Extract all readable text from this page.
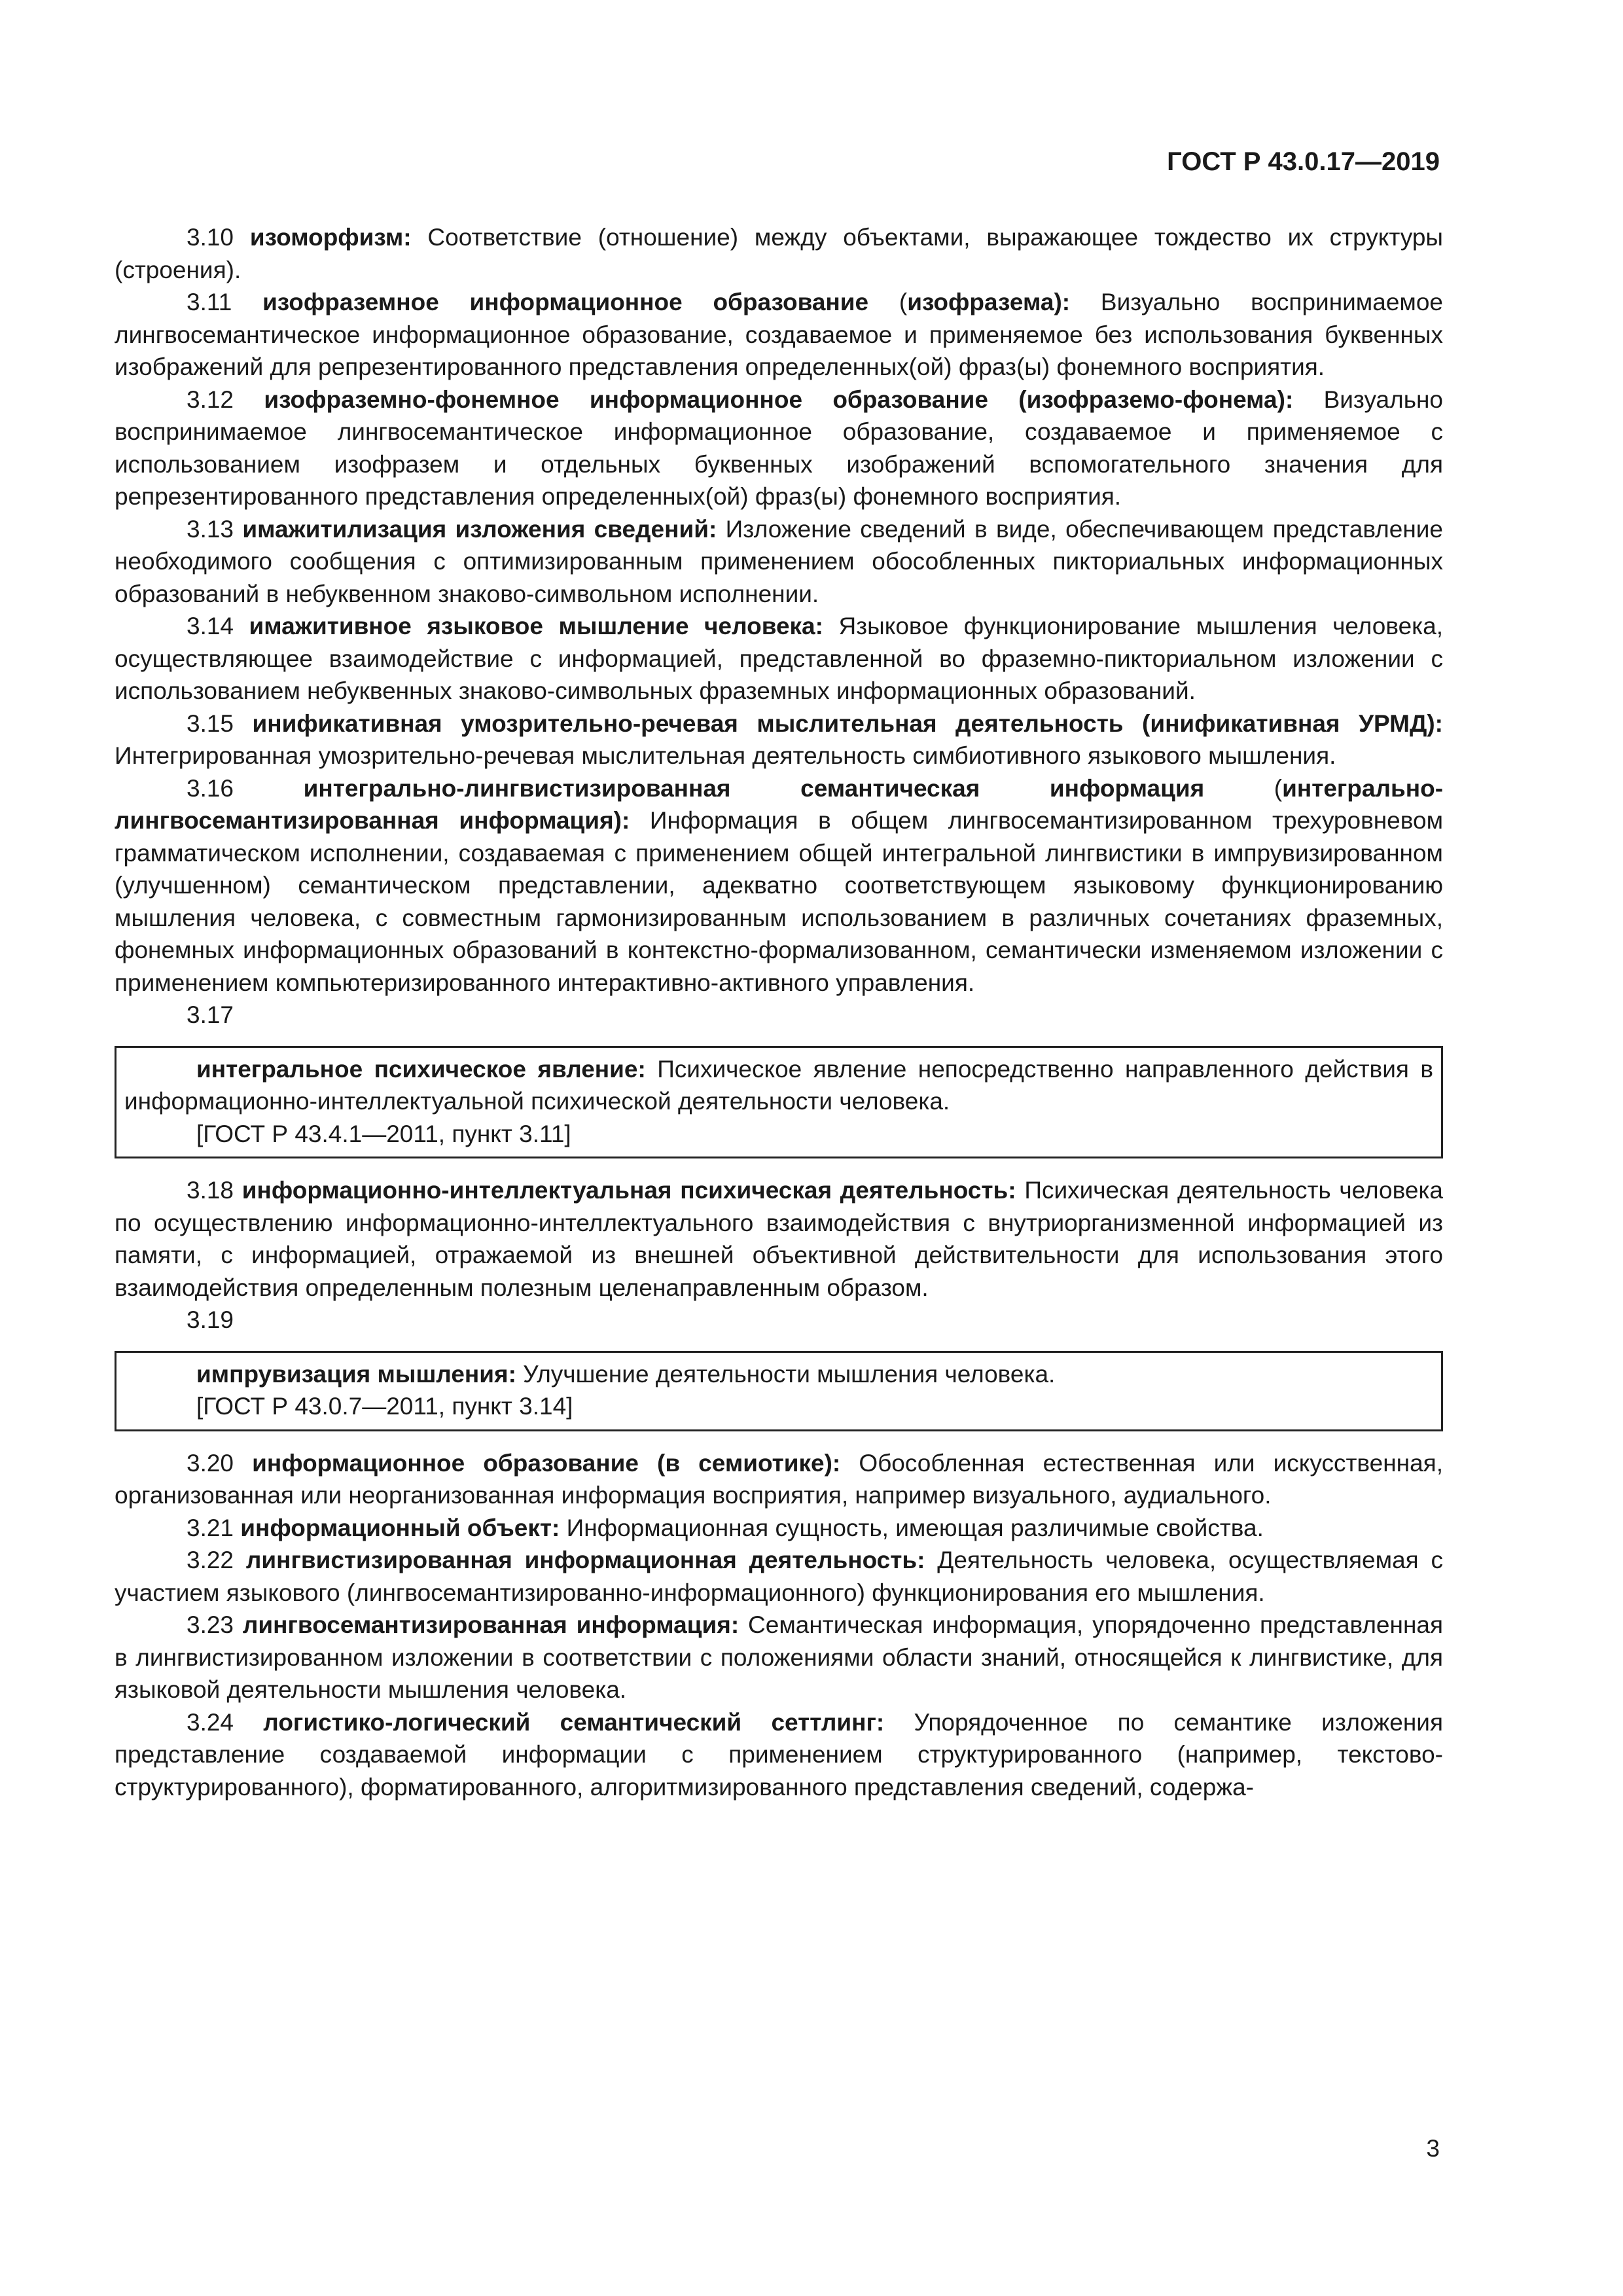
ГОСТ Р 43.0.17—2019

3.10 изоморфизм: Соответствие (отношение) между объектами, выражающее тождество их структуры (строения).

3.11 изофраземное информационное образование (изофразема): Визуально воспринимаемое лингвосемантическое информационное образование, создаваемое и применяемое без использования буквенных изображений для репрезентированного представления определенных(ой) фраз(ы) фонемного восприятия.

3.12 изофраземно-фонемное информационное образование (изофраземо-фонема): Визуально воспринимаемое лингвосемантическое информационное образование, создаваемое и применяемое с использованием изофразем и отдельных буквенных изображений вспомогательного значения для репрезентированного представления определенных(ой) фраз(ы) фонемного восприятия.

3.13 имажитилизация изложения сведений: Изложение сведений в виде, обеспечивающем представление необходимого сообщения с оптимизированным применением обособленных пикториальных информационных образований в небуквенном знаково-символьном исполнении.

3.14 имажитивное языковое мышление человека: Языковое функционирование мышления человека, осуществляющее взаимодействие с информацией, представленной во фраземно-пикториальном изложении с использованием небуквенных знаково-символьных фраземных информационных образований.

3.15 инификативная умозрительно-речевая мыслительная деятельность (инификативная УРМД): Интегрированная умозрительно-речевая мыслительная деятельность симбиотивного языкового мышления.

3.16	интегрально-лингвистизированная семантическая информация (интегрально-лингвосемантизированная информация): Информация в общем лингвосемантизированном трехуровневом грамматическом исполнении, создаваемая с применением общей интегральной лингвистики в импрувизированном (улучшенном) семантическом представлении, адекватно соответствующем языковому функционированию мышления человека, с совместным гармонизированным использованием в различных сочетаниях фраземных, фонемных информационных образований в контекстно-формализованном, семантически изменяемом изложении с применением компьютеризированного интерактивно-активного управления.

3.17

интегральное психическое явление: Психическое явление непосредственно направленного действия в информационно-интеллектуальной психической деятельности человека.

[ГОСТ Р 43.4.1—2011, пункт 3.11]

3.18 информационно-интеллектуальная психическая деятельность: Психическая деятельность человека по осуществлению информационно-интеллектуального взаимодействия с внутриорганизменной информацией из памяти, с информацией, отражаемой из внешней объективной действительности для использования этого взаимодействия определенным полезным целенаправленным образом.

3.19

импрувизация мышления: Улучшение деятельности мышления человека.

[ГОСТ Р 43.0.7—2011, пункт 3.14]

3.20 информационное образование (в семиотике): Обособленная естественная или искусственная, организованная или неорганизованная информация восприятия, например визуального, аудиального.

3.21 информационный объект: Информационная сущность, имеющая различимые свойства.

3.22 лингвистизированная информационная деятельность: Деятельность человека, осуществляемая с участием языкового (лингвосемантизированно-информационного) функционирования его мышления.

3.23 лингвосемантизированная информация: Семантическая информация, упорядоченно представленная в лингвистизированном изложении в соответствии с положениями области знаний, относящейся к лингвистике, для языковой деятельности мышления человека.

3.24 логистико-логический семантический сеттлинг: Упорядоченное по семантике изложения представление создаваемой информации с применением структурированного (например, текстово-структурированного), форматированного, алгоритмизированного представления сведений, содержа-

3
